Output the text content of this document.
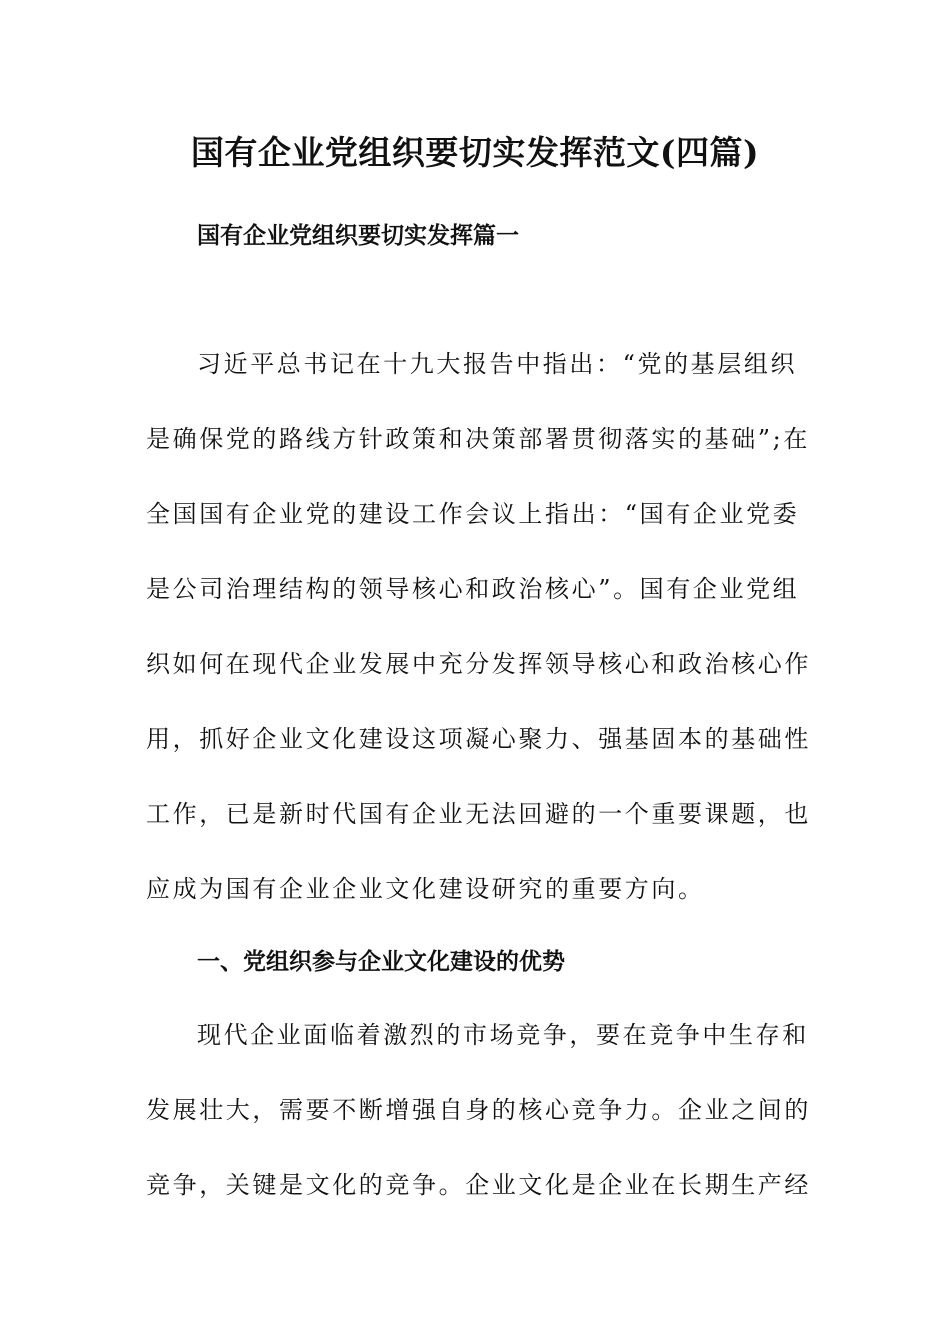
国有企业党组织要切实发挥范文(四篇)
国有企业党组织要切实发挥篇一
习近平总书记在十九大报告中指出：“党的基层组织
是确保党的路线方针政策和决策部署贯彻落实的基础”;在
全国国有企业党的建设工作会议上指出：“国有企业党委
是公司治理结构的领导核心和政治核心”。国有企业党组
织如何在现代企业发展中充分发挥领导核心和政治核心作
用，抓好企业文化建设这项凝心聚力、强基固本的基础性
工作，已是新时代国有企业无法回避的一个重要课题，也
应成为国有企业企业文化建设研究的重要方向。
一、党组织参与企业文化建设的优势
现代企业面临着激烈的市场竞争，要在竞争中生存和
发展壮大，需要不断增强自身的核心竞争力。企业之间的
竞争，关键是文化的竞争。企业文化是企业在长期生产经
